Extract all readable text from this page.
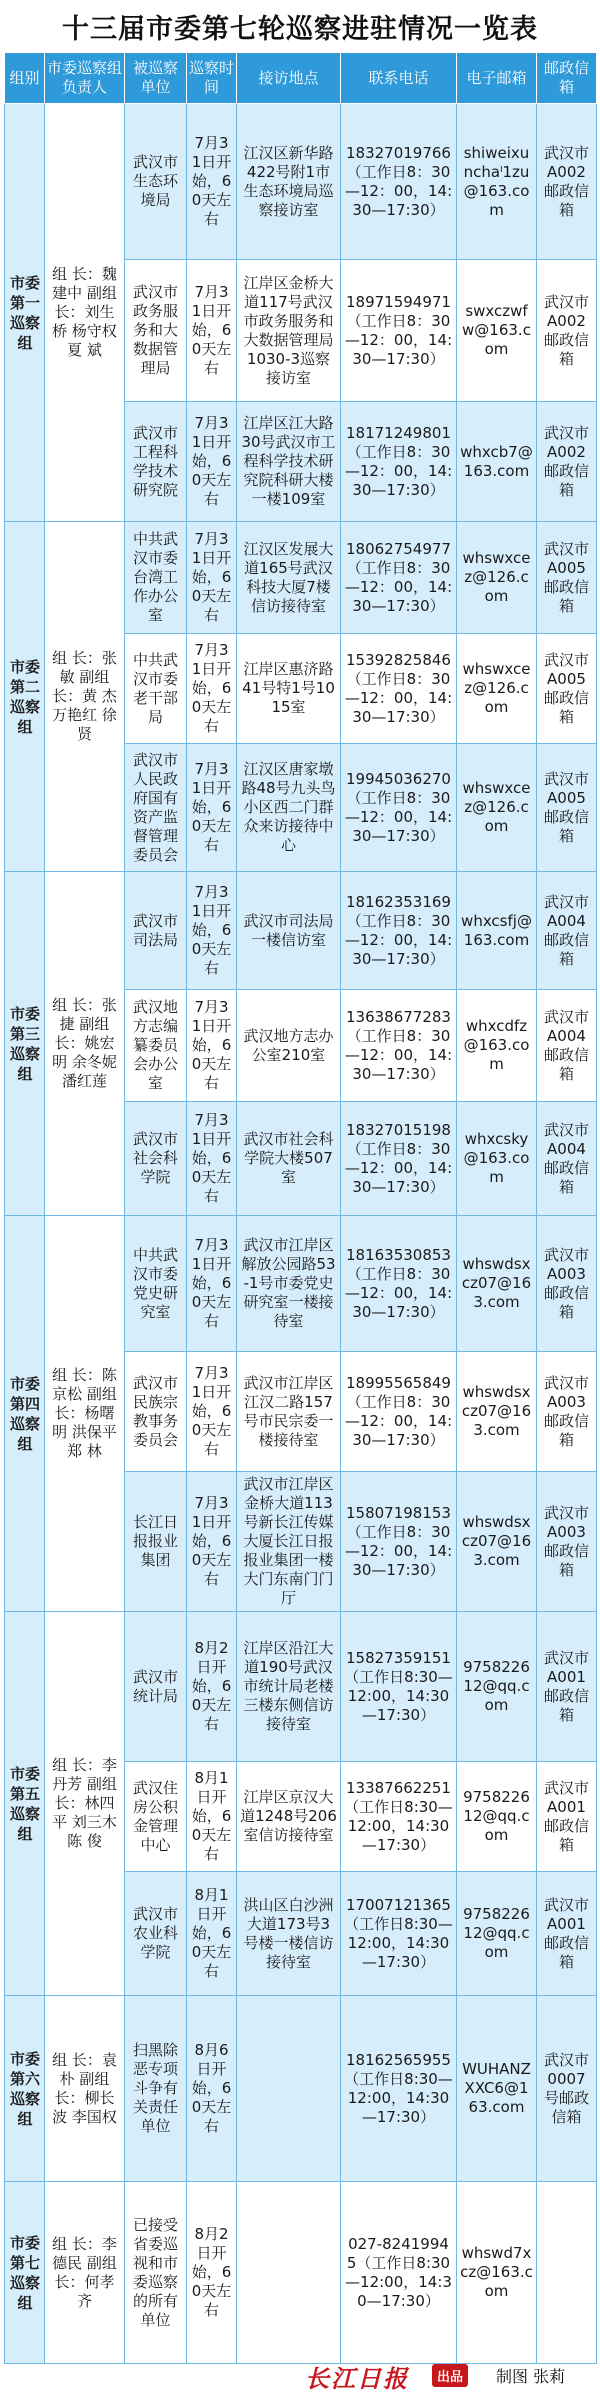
十三届市委第七轮巡察进驻情况一览表
组别	市委巡察组负责人	被巡察单位	巡察时间	接访地点	联系电话	电子邮箱	邮政信箱
市委第一巡察组	组 长：魏建中 副组长：刘生桥 杨守权 夏 斌	武汉市生态环境局	7月31日开始，60天左右	江汉区新华路422号附1市生态环境局巡察接访室	18327019766（工作日8：30—12：00，14:30—17:30）	shiweixunchaˡ1zu@163.com	武汉市A002邮政信箱
		武汉市政务服务和大数据管理局	7月31日开始，60天左右	江岸区金桥大道117号武汉市政务服务和大数据管理局1030-3巡察接访室	18971594971（工作日8：30—12：00，14:30—17:30）	swxczwfw@163.com	武汉市A002邮政信箱
		武汉市工程科学技术研究院	7月31日开始，60天左右	江岸区江大路30号武汉市工程科学技术研究院科研大楼一楼109室	18171249801（工作日8：30—12：00，14:30—17:30）	whxcb7@163.com	武汉市A002邮政信箱
市委第二巡察组	组 长：张 敏 副组长：黄 杰 万艳红 徐 贤	中共武汉市委台湾工作办公室	7月31日开始，60天左右	江汉区发展大道165号武汉科技大厦7楼信访接待室	18062754977（工作日8：30—12：00，14:30—17:30）	whswxcez@126.com	武汉市A005邮政信箱
		中共武汉市委老干部局	7月31日开始，60天左右	江岸区惠济路41号特1号1015室	15392825846（工作日8：30—12：00，14:30—17:30）	whswxcez@126.com	武汉市A005邮政信箱
		武汉市人民政府国有资产监督管理委员会	7月31日开始，60天左右	江汉区唐家墩路48号九头鸟小区西二门群众来访接待中心	19945036270（工作日8：30—12：00，14:30—17:30）	whswxcez@126.com	武汉市A005邮政信箱
市委第三巡察组	组 长：张 捷 副组长：姚宏明 余冬妮 潘红莲	武汉市司法局	7月31日开始，60天左右	武汉市司法局一楼信访室	18162353169（工作日8：30—12：00，14:30—17:30）	whxcsfj@163.com	武汉市A004邮政信箱
		武汉地方志编纂委员会办公室	7月31日开始，60天左右	武汉地方志办公室210室	13638677283（工作日8：30—12：00，14:30—17:30）	whxcdfz@163.com	武汉市A004邮政信箱
		武汉市社会科学院	7月31日开始，60天左右	武汉市社会科学院大楼507室	18327015198（工作日8：30—12：00，14:30—17:30）	whxcsky@163.com	武汉市A004邮政信箱
市委第四巡察组	组 长：陈京松 副组长：杨曙明 洪保平 郑 林	中共武汉市委党史研究室	7月31日开始，60天左右	武汉市江岸区解放公园路53-1号市委党史研究室一楼接待室	18163530853（工作日8：30—12：00，14:30—17:30）	whswdsxcz07@163.com	武汉市A003邮政信箱
		武汉市民族宗教事务委员会	7月31日开始，60天左右	武汉市江岸区江汉二路157号市民宗委一楼接待室	18995565849（工作日8：30—12：00，14:30—17:30）	whswdsxcz07@163.com	武汉市A003邮政信箱
		长江日报报业集团	7月31日开始，60天左右	武汉市江岸区金桥大道113号新长江传媒大厦长江日报报业集团一楼大门东南门门厅	15807198153（工作日8：30—12：00，14:30—17:30）	whswdsxcz07@163.com	武汉市A003邮政信箱
市委第五巡察组	组 长：李丹芳 副组长：林四平 刘三木 陈 俊	武汉市统计局	8月2日开始，60天左右	江岸区沿江大道190号武汉市统计局老楼三楼东侧信访接待室	15827359151（工作日8:30—12:00，14:30—17:30）	975822612@qq.com	武汉市A001邮政信箱
		武汉住房公积金管理中心	8月1日开始，60天左右	江岸区京汉大道1248号206室信访接待室	13387662251（工作日8:30—12:00，14:30—17:30）	975822612@qq.com	武汉市A001邮政信箱
		武汉市农业科学院	8月1日开始，60天左右	洪山区白沙洲大道173号3号楼一楼信访接待室	17007121365（工作日8:30—12:00，14:30—17:30）	975822612@qq.com	武汉市A001邮政信箱
市委第六巡察组	组 长：袁 朴 副组长：柳长波 李国权	扫黑除恶专项斗争有关责任单位	8月6日开始，60天左右		18162565955（工作日8:30—12:00，14:30—17:30）	WUHANZXXC6@163.com	武汉市0007号邮政信箱
市委第七巡察组	组 长：李德民 副组长：何孝齐	已接受省委巡视和市委巡察的所有单位	8月2日开始，60天左右		027-82419945（工作日8:30—12:00，14:30—17:30）	whswd7xcz@163.com	
长江日报	出品	制图 张莉
